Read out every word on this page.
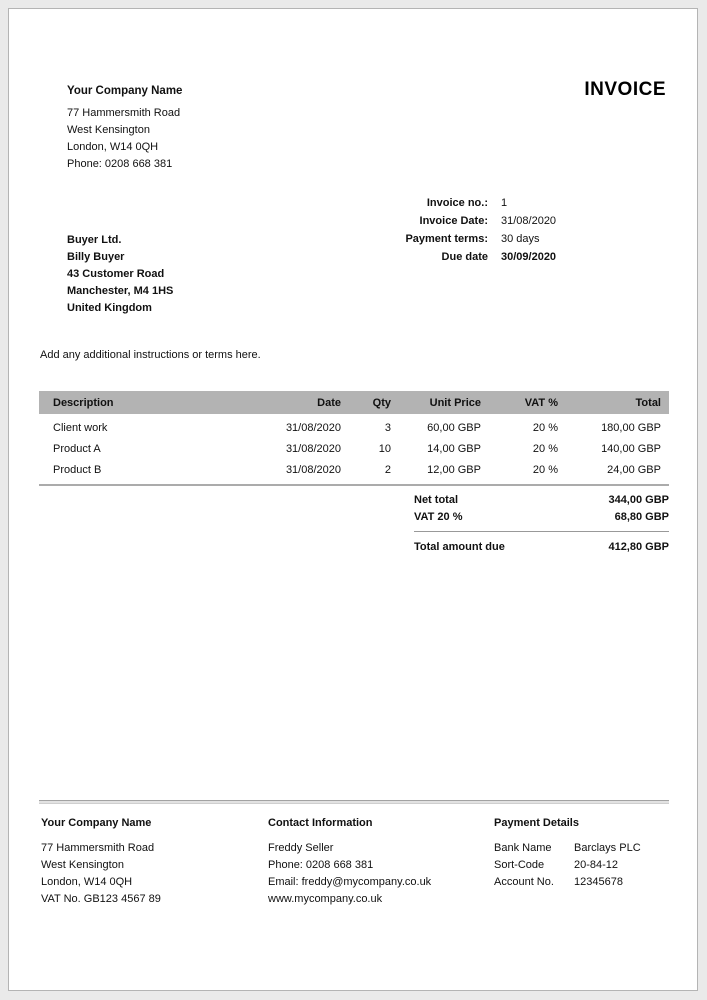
Your Company Name
77 Hammersmith Road
West Kensington
London, W14 0QH
Phone: 0208 668 381
INVOICE
Invoice no.: 1
Invoice Date: 31/08/2020
Payment terms: 30 days
Due date 30/09/2020
Buyer Ltd.
Billy Buyer
43 Customer Road
Manchester, M4 1HS
United Kingdom
Add any additional instructions or terms here.
Description	Date	Qty	Unit Price	VAT %	Total
Client work	31/08/2020	3	60,00 GBP	20 %	180,00 GBP
Product A	31/08/2020	10	14,00 GBP	20 %	140,00 GBP
Product B	31/08/2020	2	12,00 GBP	20 %	24,00 GBP
Net total	344,00 GBP
VAT 20 %	68,80 GBP
Total amount due	412,80 GBP
Your Company Name
77 Hammersmith Road
West Kensington
London, W14 0QH
VAT No. GB123 4567 89
Contact Information
Freddy Seller
Phone: 0208 668 381
Email: freddy@mycompany.co.uk
www.mycompany.co.uk
Payment Details
Bank Name	Barclays PLC
Sort-Code	20-84-12
Account No.	12345678
